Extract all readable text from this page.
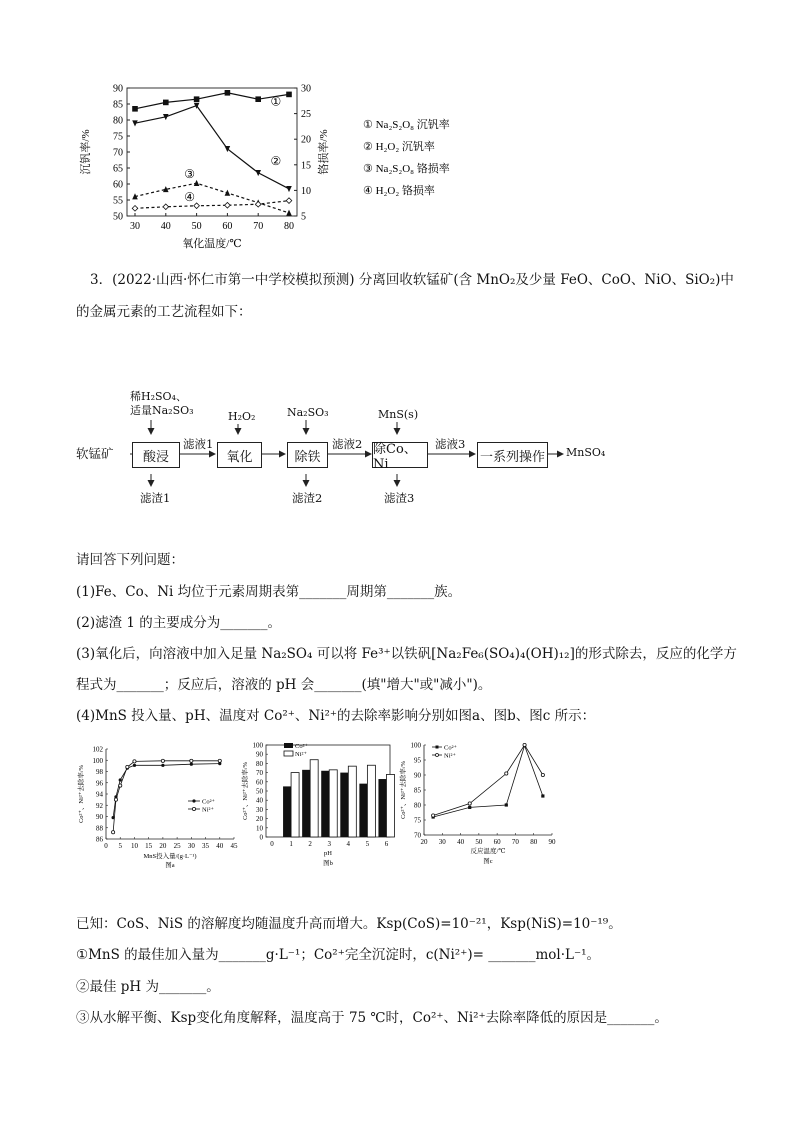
90
85
80
75
70
65
60
55
50
30
25
20
15
10
5
30 40 50 60 70 80
沉钒率/%	铬损率/%
氧化温度/℃
①
②
③
④
① Na₂S₂O₈ 沉钒率
② H₂O₂ 沉钒率
③ Na₂S₂O₈ 铬损率
④ H₂O₂ 铬损率
3．(2022·山西·怀仁市第一中学校模拟预测) 分离回收软锰矿(含 MnO₂及少量 FeO、CoO、NiO、SiO₂)中
的金属元素的工艺流程如下：
软锰矿
稀H₂SO₄、
适量Na₂SO₃
酸浸
滤液1
滤渣1
H₂O₂
氧化
Na₂SO₃
除铁
滤液2
滤渣2
MnS(s)
除Co、Ni
滤液3
滤渣3
一系列操作 MnSO₄
请回答下列问题：
(1)Fe、Co、Ni 均位于元素周期表第_______周期第_______族。
(2)滤渣 1 的主要成分为_______。
(3)氧化后，向溶液中加入足量 Na₂SO₄ 可以将 Fe³⁺以铁矾[Na₂Fe₆(SO₄)₄(OH)₁₂]的形式除去，反应的化学方
程式为_______；反应后，溶液的 pH 会_______(填"增大"或"减小")。
(4)MnS 投入量、pH、温度对 Co²⁺、Ni²⁺的去除率影响分别如图a、图b、图c 所示：
102
100
98
96
94
92
90
88
86
0 5 10 15 20 25 30 35 40 45
Co²⁺、Ni²⁺去除率/%
MnS投入量/(g·L⁻¹)
图a
Co²⁺
Ni²⁺
100
90
80
70
60
50
40
30
20
10
0
0 1 2 3 4 5 6
Co²⁺、Ni²⁺去除率/%
pH
图b
Co²⁺
Ni²⁺
100
95
90
85
80
75
70
20 30 40 50 60 70 80 90
Co²⁺、Ni²⁺去除率/%
反应温度/℃
图c
Co²⁺
Ni²⁺
已知：CoS、NiS 的溶解度均随温度升高而增大。Ksp(CoS)=10⁻²¹，Ksp(NiS)=10⁻¹⁹。
①MnS 的最佳加入量为_______g·L⁻¹；Co²⁺完全沉淀时，c(Ni²⁺)= _______mol·L⁻¹。
②最佳 pH 为_______。
③从水解平衡、Ksp变化角度解释，温度高于 75 ℃时，Co²⁺、Ni²⁺去除率降低的原因是_______。
